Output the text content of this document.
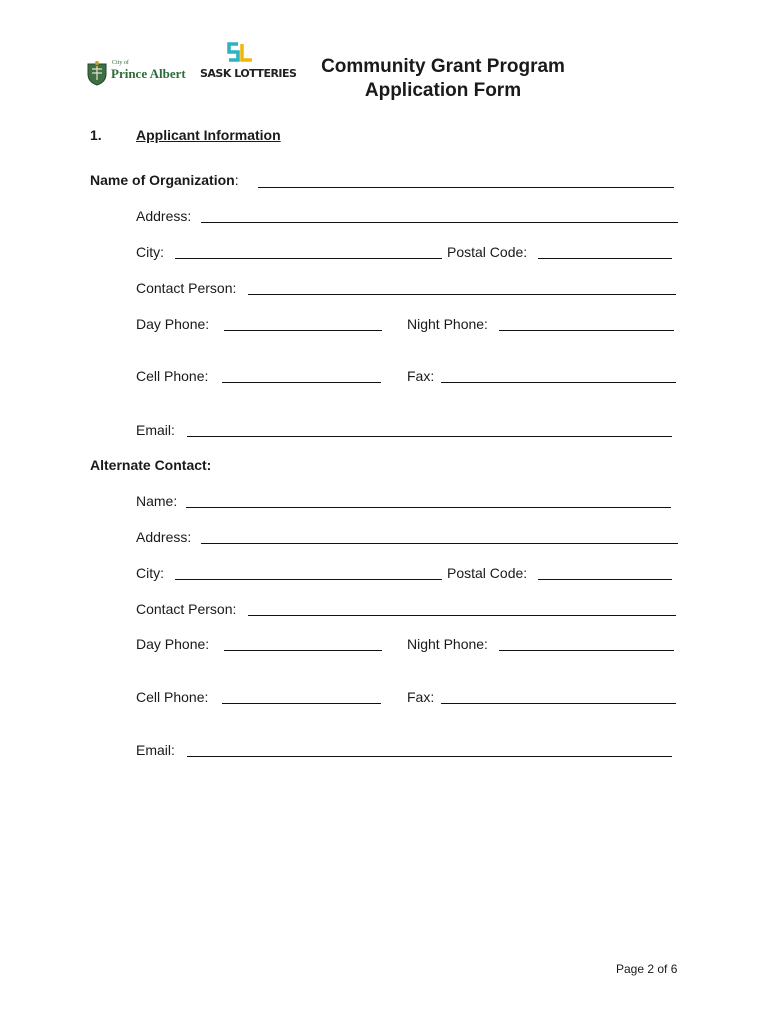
City of
Prince Albert SASK LOTTERIES	Community Grant Program
Application Form
1. Applicant Information
Name of Organization:
Address:
City:	Postal Code:
Contact Person:
Day Phone:	Night Phone:
Cell Phone:	Fax:
Email:
Alternate Contact:
Name:
Address:
City:	Postal Code:
Contact Person:
Day Phone:	Night Phone:
Cell Phone:	Fax:
Email:
Page 2 of 6
